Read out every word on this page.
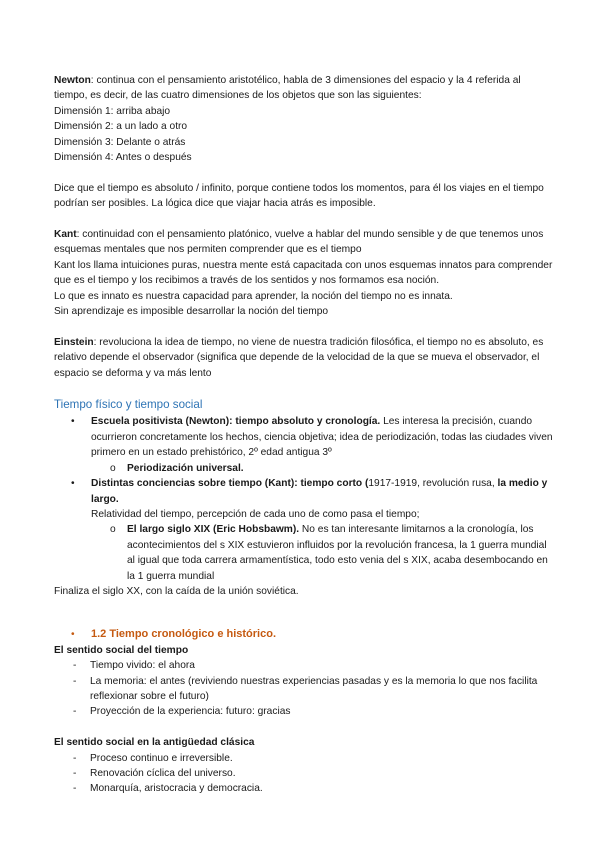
Newton: continua con el pensamiento aristotélico, habla de 3 dimensiones del espacio y la 4 referida al tiempo, es decir, de las cuatro dimensiones de los objetos que son las siguientes:

Dimensión 1: arriba abajo

Dimensión 2: a un lado a otro

Dimensión 3: Delante o atrás

Dimensión 4: Antes o después

Dice que el tiempo es absoluto / infinito, porque contiene todos los momentos, para él los viajes en el tiempo podrían ser posibles. La lógica dice que viajar hacia atrás es imposible.

Kant: continuidad con el pensamiento platónico, vuelve a hablar del mundo sensible y de que tenemos unos esquemas mentales que nos permiten comprender que es el tiempo

Kant los llama intuiciones puras, nuestra mente está capacitada con unos esquemas innatos para comprender que es el tiempo y los recibimos a través de los sentidos y nos formamos esa noción.

Lo que es innato es nuestra capacidad para aprender, la noción del tiempo no es innata.

Sin aprendizaje es imposible desarrollar la noción del tiempo

Einstein: revoluciona la idea de tiempo, no viene de nuestra tradición filosófica, el tiempo no es absoluto, es relativo depende el observador (significa que depende de la velocidad de la que se mueva el observador, el espacio se deforma y va más lento

Tiempo físico y tiempo social

• Escuela positivista (Newton): tiempo absoluto y cronología. Les interesa la precisión, cuando ocurrieron concretamente los hechos, ciencia objetiva; idea de periodización, todas las ciudades viven primero en un estado prehistórico, 2º edad antigua 3º
o Periodización universal.
• Distintas conciencias sobre tiempo (Kant): tiempo corto (1917-1919, revolución rusa, la medio y largo.

Relatividad del tiempo, percepción de cada uno de como pasa el tiempo;

o El largo siglo XIX (Eric Hobsbawm). No es tan interesante limitarnos a la cronología, los acontecimientos del s XIX estuvieron influidos por la revolución francesa, la 1 guerra mundial al igual que toda carrera armamentística, todo esto venia del s XIX, acaba desembocando en la 1 guerra mundial

Finaliza el siglo XX, con la caída de la unión soviética.

• 1.2 Tiempo cronológico e histórico.

El sentido social del tiempo

- Tiempo vivido: el ahora
- La memoria: el antes (reviviendo nuestras experiencias pasadas y es la memoria lo que nos facilita reflexionar sobre el futuro)
- Proyección de la experiencia: futuro: gracias

El sentido social en la antigüedad clásica

- Proceso continuo e irreversible.
- Renovación cíclica del universo.
- Monarquía, aristocracia y democracia.
